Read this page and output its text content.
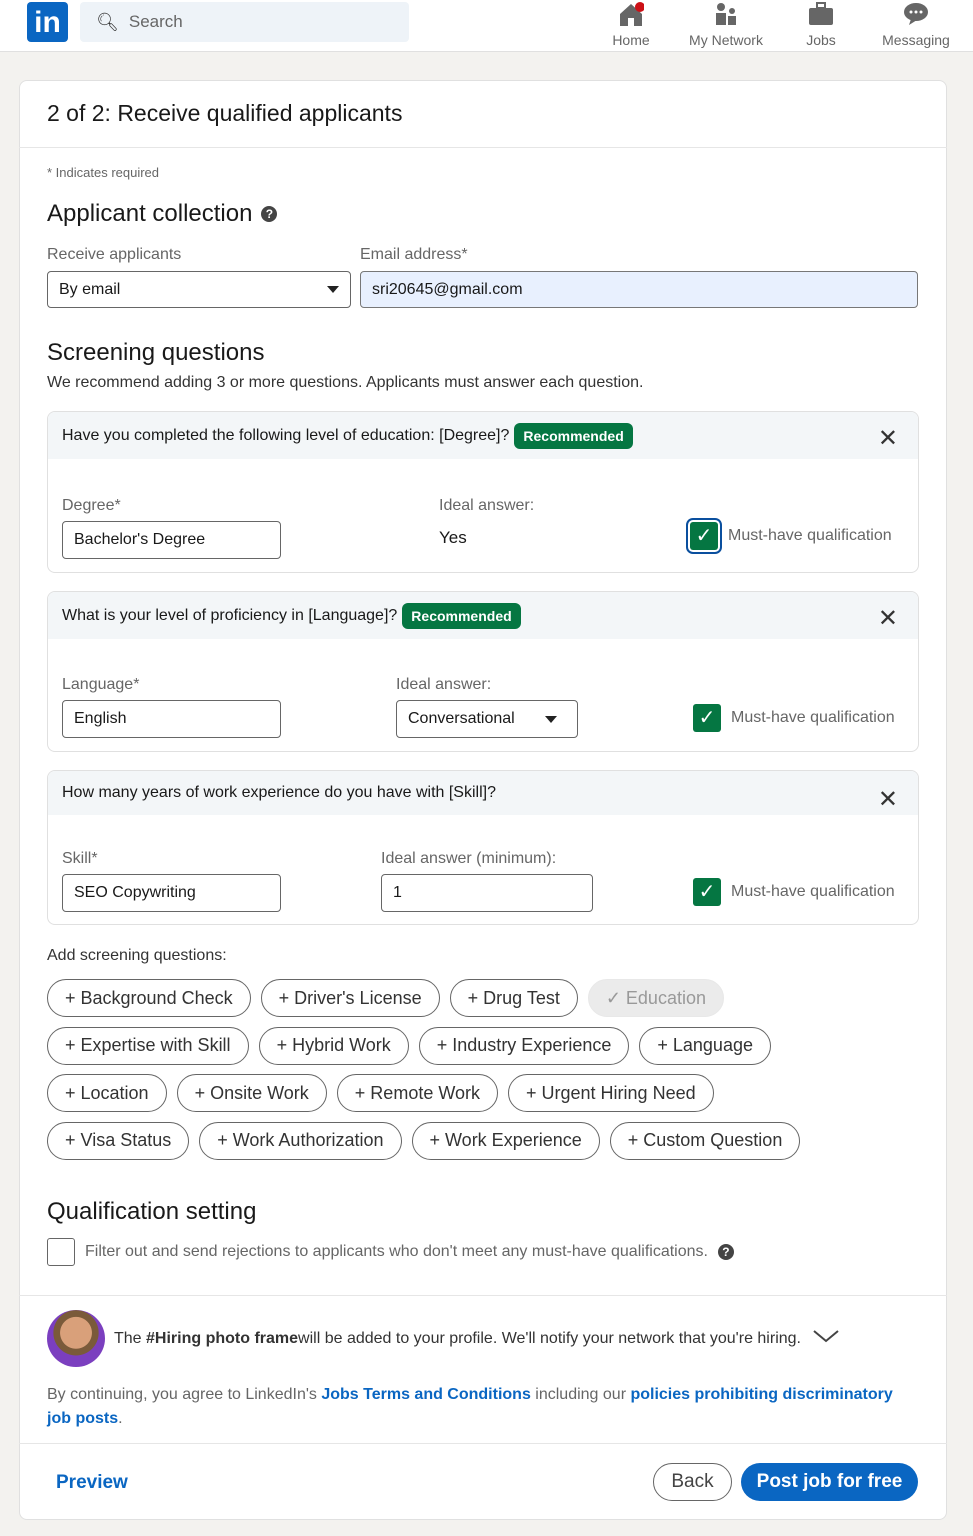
in	🔍︎ Search
Home	My Network	Jobs	Messaging
2 of 2: Receive qualified applicants
* Indicates required
Applicant collection	?
Receive applicants
By email
Email address*
sri20645@gmail.com
Screening questions
We recommend adding 3 or more questions. Applicants must answer each question.
Have you completed the following level of education: [Degree]?	Recommended	✕
Degree*
Bachelor's Degree
Ideal answer:
Yes	✓ Must-have qualification
What is your level of proficiency in [Language]?	Recommended	✕
Language*
English
Ideal answer:
Conversational	✓ Must-have qualification
How many years of work experience do you have with [Skill]?	✕
Skill*
SEO Copywriting
Ideal answer (minimum):
1	✓ Must-have qualification
Add screening questions:
+ Background Check	+ Driver's License	+ Drug Test	✓ Education
+ Expertise with Skill	+ Hybrid Work	+ Industry Experience	+ Language
+ Location	+ Onsite Work	+ Remote Work	+ Urgent Hiring Need
+ Visa Status	+ Work Authorization	+ Work Experience	+ Custom Question
Qualification setting
Filter out and send rejections to applicants who don't meet any must-have qualifications.	?
The #Hiring photo frame will be added to your profile. We'll notify your network that you're hiring.
By continuing, you agree to LinkedIn's Jobs Terms and Conditions including our policies prohibiting discriminatory job posts.
Preview	Back	Post job for free
